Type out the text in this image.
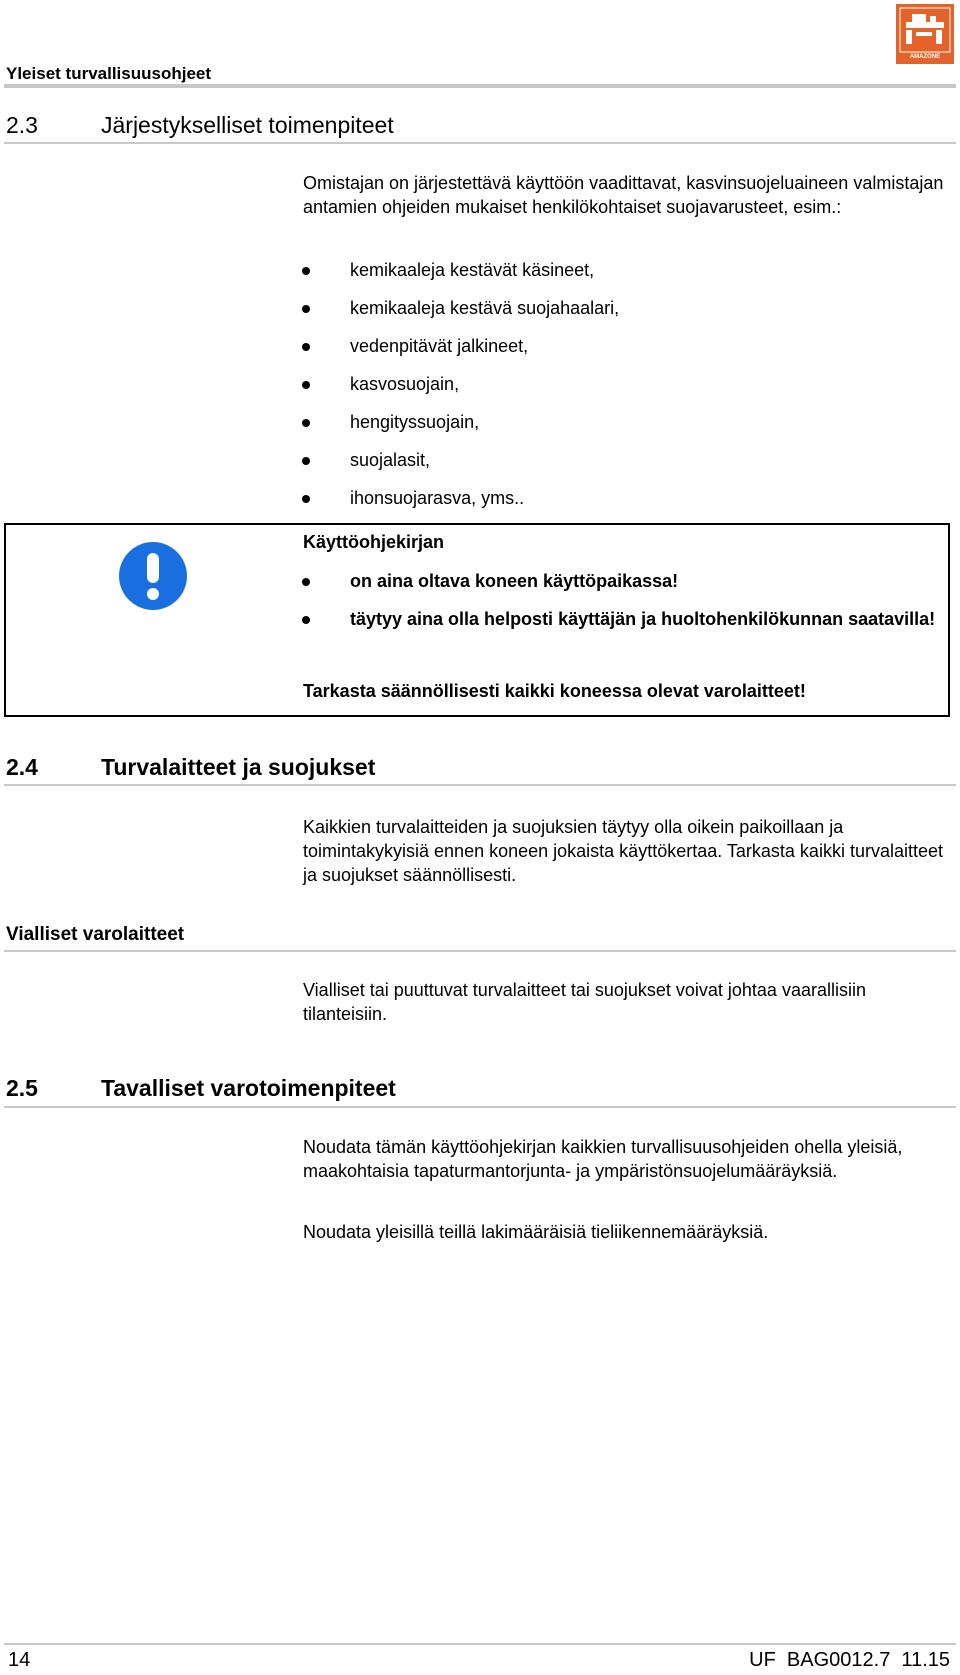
Yleiset turvallisuusohjeet
AMAZONE
2.3	Järjestykselliset toimenpiteet
Omistajan on järjestettävä käyttöön vaadittavat, kasvinsuojeluaineen valmistajan antamien ohjeiden mukaiset henkilökohtaiset suojavarusteet, esim.:
kemikaaleja kestävät käsineet,
kemikaaleja kestävä suojahaalari,
vedenpitävät jalkineet,
kasvosuojain,
hengityssuojain,
suojalasit,
ihonsuojarasva, yms..
Käyttöohjekirjan
on aina oltava koneen käyttöpaikassa!
täytyy aina olla helposti käyttäjän ja huoltohenkilökunnan saatavilla!
Tarkasta säännöllisesti kaikki koneessa olevat varolaitteet!
2.4	Turvalaitteet ja suojukset
Kaikkien turvalaitteiden ja suojuksien täytyy olla oikein paikoillaan ja toimintakykyisiä ennen koneen jokaista käyttökertaa. Tarkasta kaikki turvalaitteet ja suojukset säännöllisesti.
Vialliset varolaitteet
Vialliset tai puuttuvat turvalaitteet tai suojukset voivat johtaa vaarallisiin tilanteisiin.
2.5	Tavalliset varotoimenpiteet
Noudata tämän käyttöohjekirjan kaikkien turvallisuusohjeiden ohella yleisiä, maakohtaisia tapaturmantorjunta- ja ympäristönsuojelumääräyksiä.
Noudata yleisillä teillä lakimääräisiä tieliikennemääräyksiä.
14	UF  BAG0012.7  11.15
